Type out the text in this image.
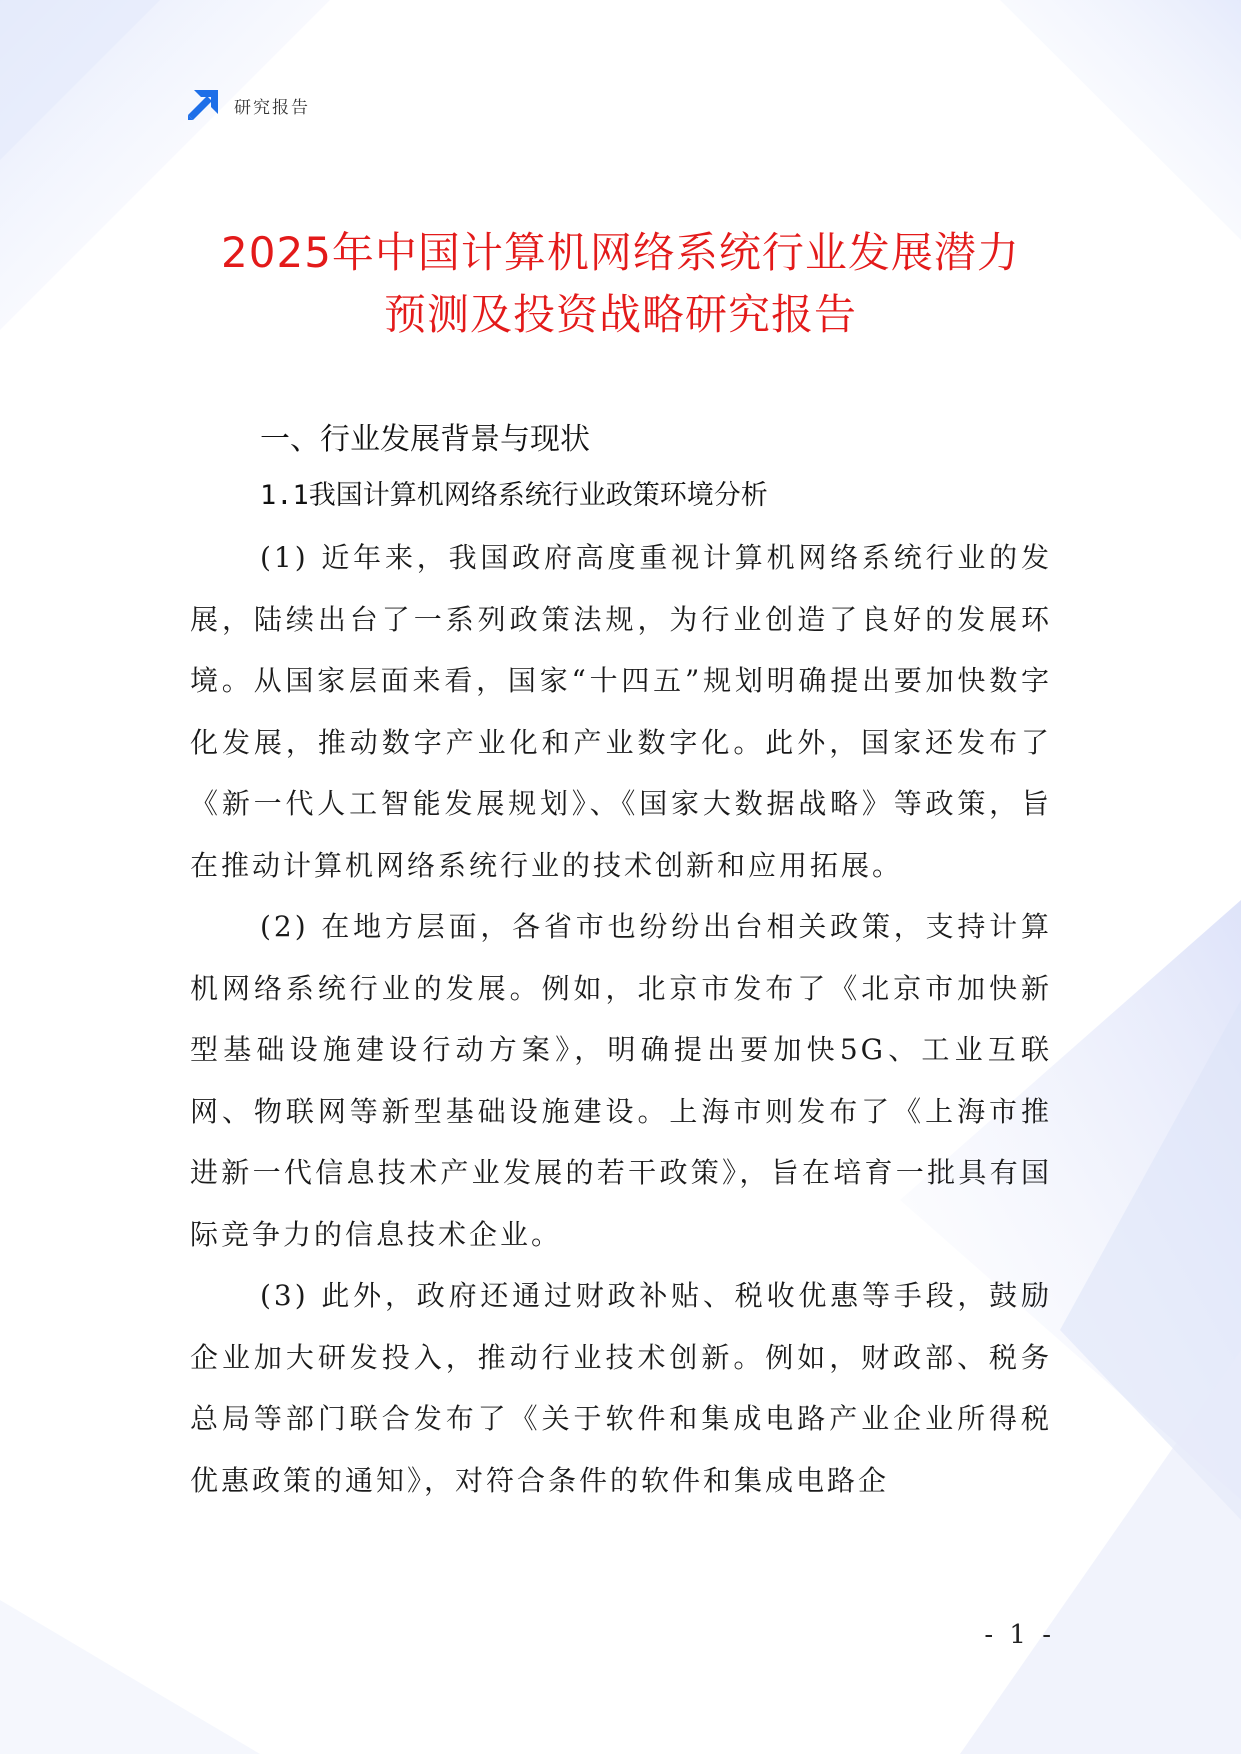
研究报告
2025年中国计算机网络系统行业发展潜力
预测及投资战略研究报告
一、行业发展背景与现状
1.1我国计算机网络系统行业政策环境分析

(1) 近年来，我国政府高度重视计算机网络系统行业的发展，陆续出台了一系列政策法规，为行业创造了良好的发展环境。从国家层面来看，国家“十四五”规划明确提出要加快数字化发展，推动数字产业化和产业数字化。此外，国家还发布了《新一代人工智能发展规划》、《国家大数据战略》等政策，旨在推动计算机网络系统行业的技术创新和应用拓展。

(2) 在地方层面，各省市也纷纷出台相关政策，支持计算机网络系统行业的发展。例如，北京市发布了《北京市加快新型基础设施建设行动方案》，明确提出要加快5G、工业互联网、物联网等新型基础设施建设。上海市则发布了《上海市推进新一代信息技术产业发展的若干政策》，旨在培育一批具有国际竞争力的信息技术企业。

(3) 此外，政府还通过财政补贴、税收优惠等手段，鼓励企业加大研发投入，推动行业技术创新。例如，财政部、税务总局等部门联合发布了《关于软件和集成电路产业企业所得税优惠政策的通知》，对符合条件的软件和集成电路企

- 1 -
